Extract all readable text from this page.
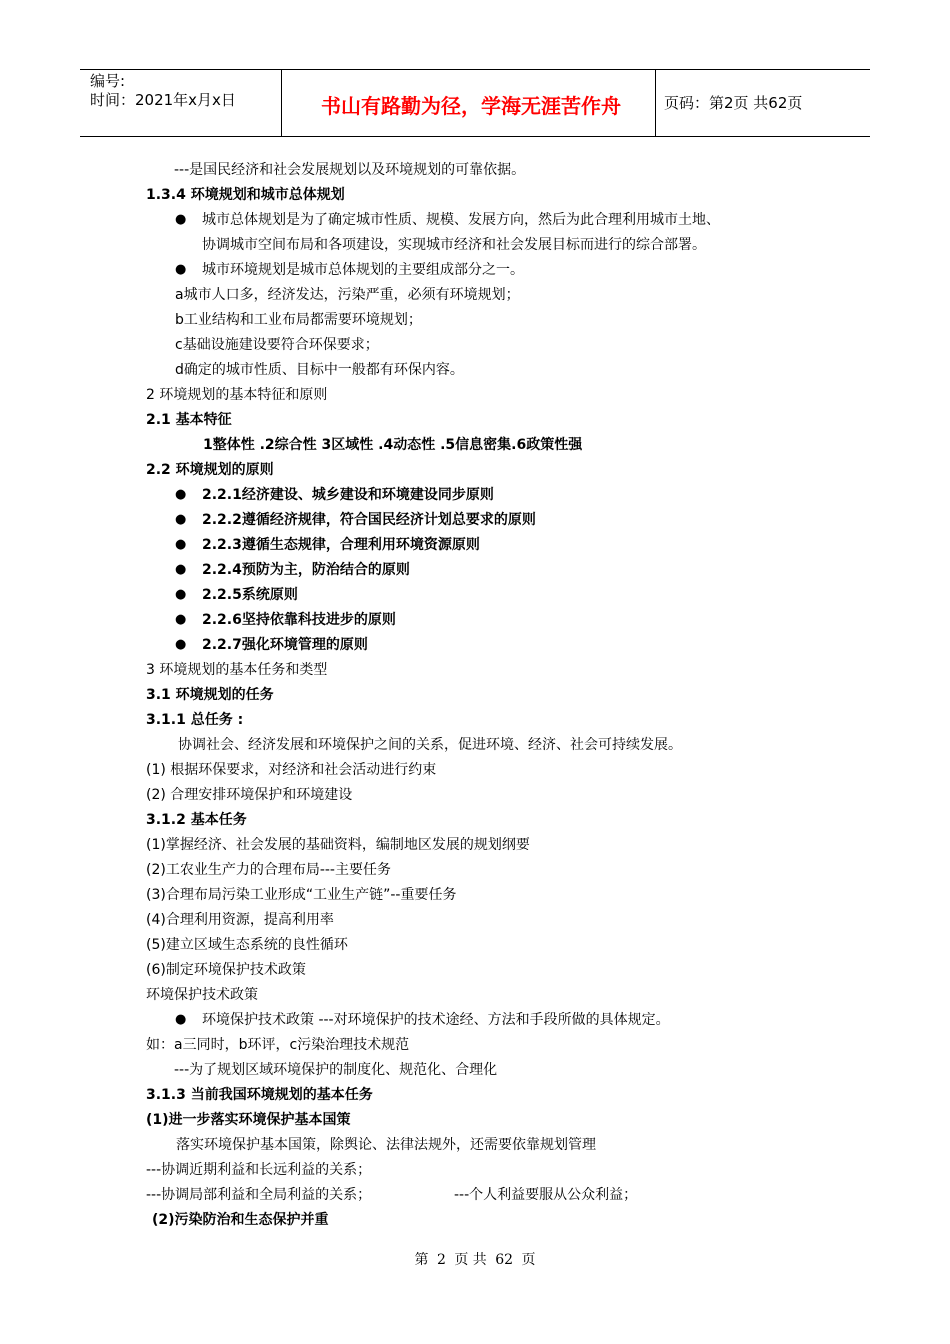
编号:
时间：2021年x月x日	书山有路勤为径，学海无涯苦作舟	页码：第2页 共62页
---是国民经济和社会发展规划以及环境规划的可靠依据。
1.3.4 环境规划和城市总体规划
● 城市总体规划是为了确定城市性质、规模、发展方向，然后为此合理利用城市土地、
协调城市空间布局和各项建设，实现城市经济和社会发展目标而进行的综合部署。
● 城市环境规划是城市总体规划的主要组成部分之一。
a城市人口多，经济发达，污染严重，必须有环境规划；
b工业结构和工业布局都需要环境规划；
c基础设施建设要符合环保要求；
d确定的城市性质、目标中一般都有环保内容。
2 环境规划的基本特征和原则
2.1 基本特征
1整体性 .2综合性 3区域性 .4动态性 .5信息密集.6政策性强
2.2 环境规划的原则
● 2.2.1经济建设、城乡建设和环境建设同步原则
● 2.2.2遵循经济规律，符合国民经济计划总要求的原则
● 2.2.3遵循生态规律，合理利用环境资源原则
● 2.2.4预防为主，防治结合的原则
● 2.2.5系统原则
● 2.2.6坚持依靠科技进步的原则
● 2.2.7强化环境管理的原则
3 环境规划的基本任务和类型
3.1 环境规划的任务
3.1.1 总任务 :
协调社会、经济发展和环境保护之间的关系，促进环境、经济、社会可持续发展。
(1) 根据环保要求，对经济和社会活动进行约束
(2) 合理安排环境保护和环境建设
3.1.2 基本任务
(1)掌握经济、社会发展的基础资料，编制地区发展的规划纲要
(2)工农业生产力的合理布局---主要任务
(3)合理布局污染工业形成“工业生产链”--重要任务
(4)合理利用资源，提高利用率
(5)建立区域生态系统的良性循环
(6)制定环境保护技术政策
环境保护技术政策
● 环境保护技术政策 ---对环境保护的技术途经、方法和手段所做的具体规定。
如：a三同时，b环评，c污染治理技术规范
---为了规划区域环境保护的制度化、规范化、合理化
3.1.3 当前我国环境规划的基本任务
(1)进一步落实环境保护基本国策
落实环境保护基本国策，除舆论、法律法规外，还需要依靠规划管理
---协调近期利益和长远利益的关系；
---协调局部利益和全局利益的关系；	---个人利益要服从公众利益；
(2)污染防治和生态保护并重
第 2 页 共 62 页
